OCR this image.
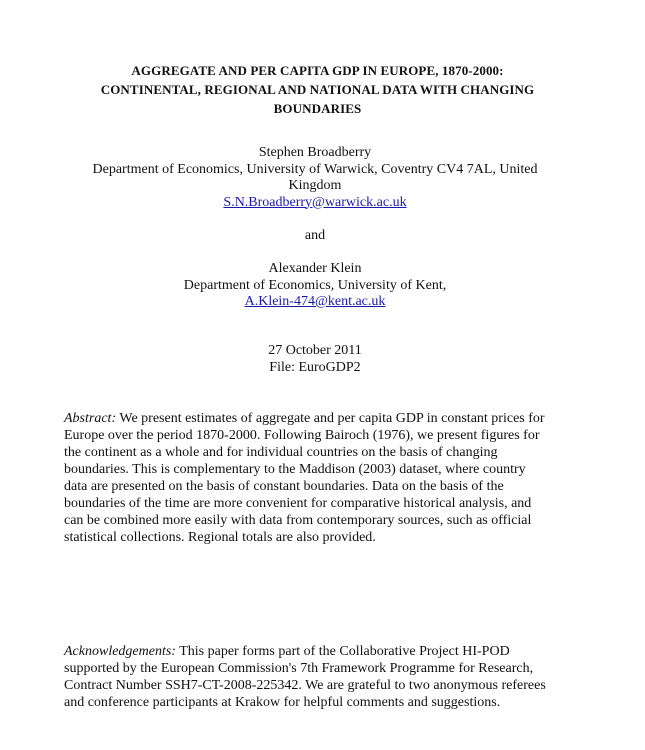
AGGREGATE AND PER CAPITA GDP IN EUROPE, 1870-2000:
CONTINENTAL, REGIONAL AND NATIONAL DATA WITH CHANGING
BOUNDARIES
Stephen Broadberry
Department of Economics, University of Warwick, Coventry CV4 7AL, United
Kingdom
S.N.Broadberry@warwick.ac.uk
and
Alexander Klein
Department of Economics, University of Kent,
A.Klein-474@kent.ac.uk
27 October 2011
File: EuroGDP2
Abstract: We present estimates of aggregate and per capita GDP in constant prices for
Europe over the period 1870-2000. Following Bairoch (1976), we present figures for
the continent as a whole and for individual countries on the basis of changing
boundaries. This is complementary to the Maddison (2003) dataset, where country
data are presented on the basis of constant boundaries. Data on the basis of the
boundaries of the time are more convenient for comparative historical analysis, and
can be combined more easily with data from contemporary sources, such as official
statistical collections. Regional totals are also provided.
Acknowledgements: This paper forms part of the Collaborative Project HI-POD
supported by the European Commission's 7th Framework Programme for Research,
Contract Number SSH7-CT-2008-225342. We are grateful to two anonymous referees
and conference participants at Krakow for helpful comments and suggestions.
